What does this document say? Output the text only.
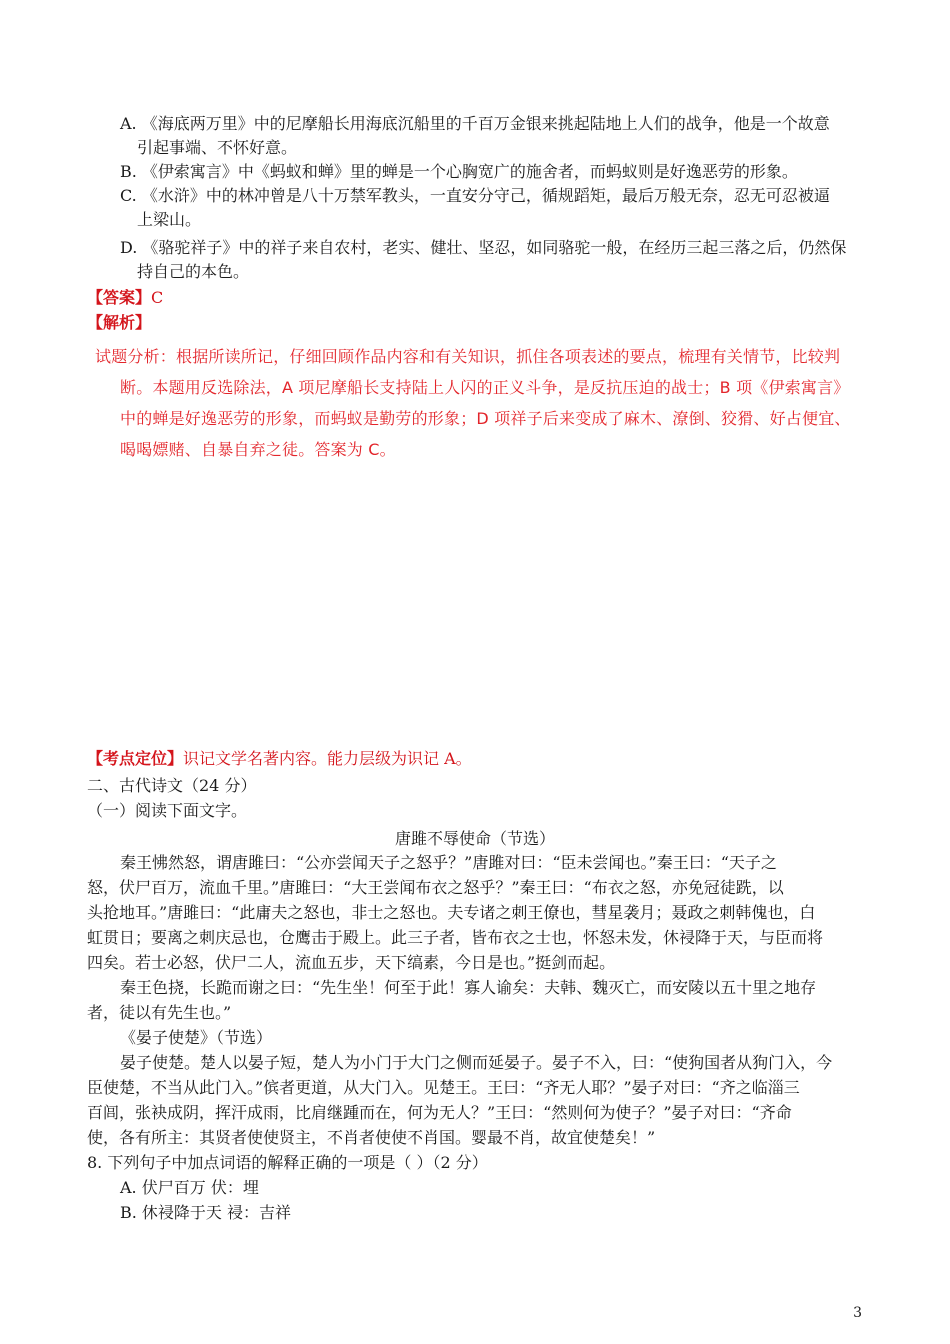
A. 《海底两万里》中的尼摩船长用海底沉船里的千百万金银来挑起陆地上人们的战争，他是一个故意
引起事端、不怀好意。
B. 《伊索寓言》中《蚂蚁和蝉》里的蝉是一个心胸宽广的施舍者，而蚂蚁则是好逸恶劳的形象。
C. 《水浒》中的林冲曾是八十万禁军教头，一直安分守己，循规蹈矩，最后万般无奈，忍无可忍被逼
上梁山。
D. 《骆驼祥子》中的祥子来自农村，老实、健壮、坚忍，如同骆驼一般，在经历三起三落之后，仍然保
持自己的本色。
【答案】C
【解析】
试题分析：根据所读所记，仔细回顾作品内容和有关知识，抓住各项表述的要点，梳理有关情节，比较判
断。本题用反选除法，A 项尼摩船长支持陆上人闪的正义斗争，是反抗压迫的战士；B 项《伊索寓言》
中的蝉是好逸恶劳的形象，而蚂蚁是勤劳的形象；D 项祥子后来变成了麻木、潦倒、狡猾、好占便宜、
喝喝嫖赌、自暴自弃之徒。答案为 C。
【考点定位】识记文学名著内容。能力层级为识记 A。
二、古代诗文（24 分）
（一）阅读下面文字。
唐雎不辱使命（节选）
秦王怫然怒，谓唐雎曰：“公亦尝闻天子之怒乎？”唐雎对曰：“臣未尝闻也。”秦王曰：“天子之
怒，伏尸百万，流血千里。”唐雎曰：“大王尝闻布衣之怒乎？”秦王曰：“布衣之怒，亦免冠徒跣，以
头抢地耳。”唐雎曰：“此庸夫之怒也，非士之怒也。夫专诸之刺王僚也，彗星袭月；聂政之刺韩傀也，白
虹贯日；要离之刺庆忌也，仓鹰击于殿上。此三子者，皆布衣之士也，怀怒未发，休祲降于天，与臣而将
四矣。若士必怒，伏尸二人，流血五步，天下缟素，今日是也。”挺剑而起。
秦王色挠，长跪而谢之曰：“先生坐！何至于此！寡人谕矣：夫韩、魏灭亡，而安陵以五十里之地存
者，徒以有先生也。”
《晏子使楚》（节选）
晏子使楚。楚人以晏子短，楚人为小门于大门之侧而延晏子。晏子不入，曰：“使狗国者从狗门入，今
臣使楚，不当从此门入。”傧者更道，从大门入。见楚王。王曰：“齐无人耶？”晏子对曰：“齐之临淄三
百闾，张袂成阴，挥汗成雨，比肩继踵而在，何为无人？”王曰：“然则何为使子？”晏子对曰：“齐命
使，各有所主：其贤者使使贤主，不肖者使使不肖国。婴最不肖，故宜使楚矣！”
8. 下列句子中加点词语的解释正确的一项是（ ）（2 分）
A. 伏尸百万 伏：埋
B. 休祲降于天 祲：吉祥
3
